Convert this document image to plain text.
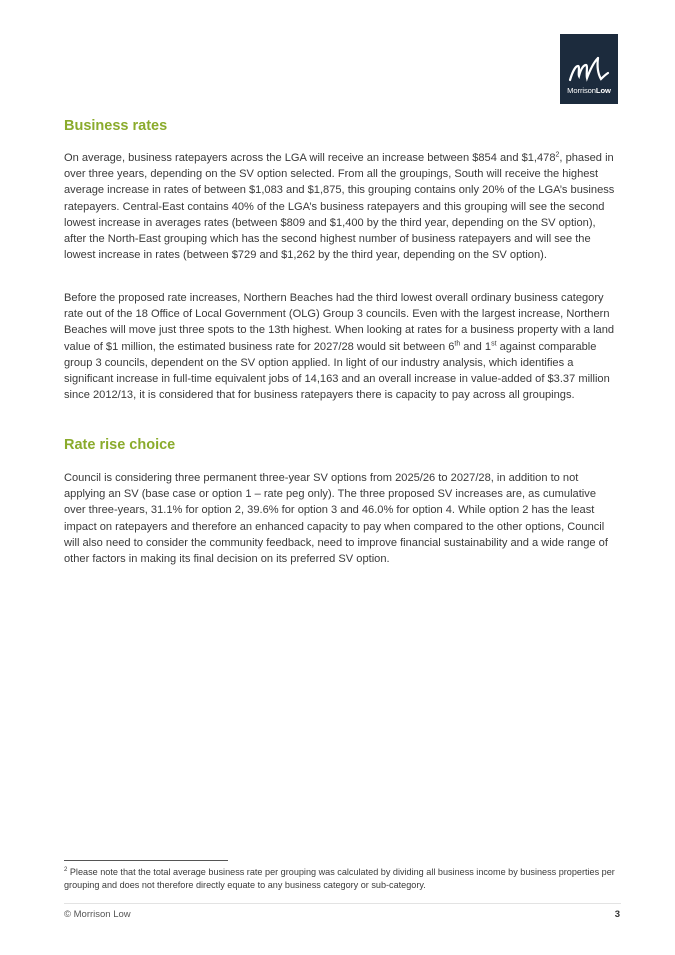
MorrisonLow
Business rates

On average, business ratepayers across the LGA will receive an increase between $854 and $1,478$^2$, phased in over three years, depending on the SV option selected. From all the groupings, South will receive the highest average increase in rates of between $1,083 and $1,875, this grouping contains only 20% of the LGA’s business ratepayers. Central-East contains 40% of the LGA’s business ratepayers and this grouping will see the second lowest increase in averages rates (between $809 and $1,400 by the third year, depending on the SV option), after the North-East grouping which has the second highest number of business ratepayers and will see the lowest increase in rates (between $729 and $1,262 by the third year, depending on the SV option).

Before the proposed rate increases, Northern Beaches had the third lowest overall ordinary business category rate out of the 18 Office of Local Government (OLG) Group 3 councils. Even with the largest increase, Northern Beaches will move just three spots to the 13th highest. When looking at rates for a business property with a land value of $1 million, the estimated business rate for 2027/28 would sit between 6th and 1st against comparable group 3 councils, dependent on the SV option applied. In light of our industry analysis, which identifies a significant increase in full-time equivalent jobs of 14,163 and an overall increase in value-added of $3.37 million since 2012/13, it is considered that for business ratepayers there is capacity to pay across all groupings.

Rate rise choice

Council is considering three permanent three-year SV options from 2025/26 to 2027/28, in addition to not applying an SV (base case or option 1 – rate peg only). The three proposed SV increases are, as cumulative over three-years, 31.1% for option 2, 39.6% for option 3 and 46.0% for option 4. While option 2 has the least impact on ratepayers and therefore an enhanced capacity to pay when compared to the other options, Council will also need to consider the community feedback, need to improve financial sustainability and a wide range of other factors in making its final decision on its preferred SV option.

$^2$ Please note that the total average business rate per grouping was calculated by dividing all business income by business properties per grouping and does not therefore directly equate to any business category or sub-category.
© Morrison Low	3
